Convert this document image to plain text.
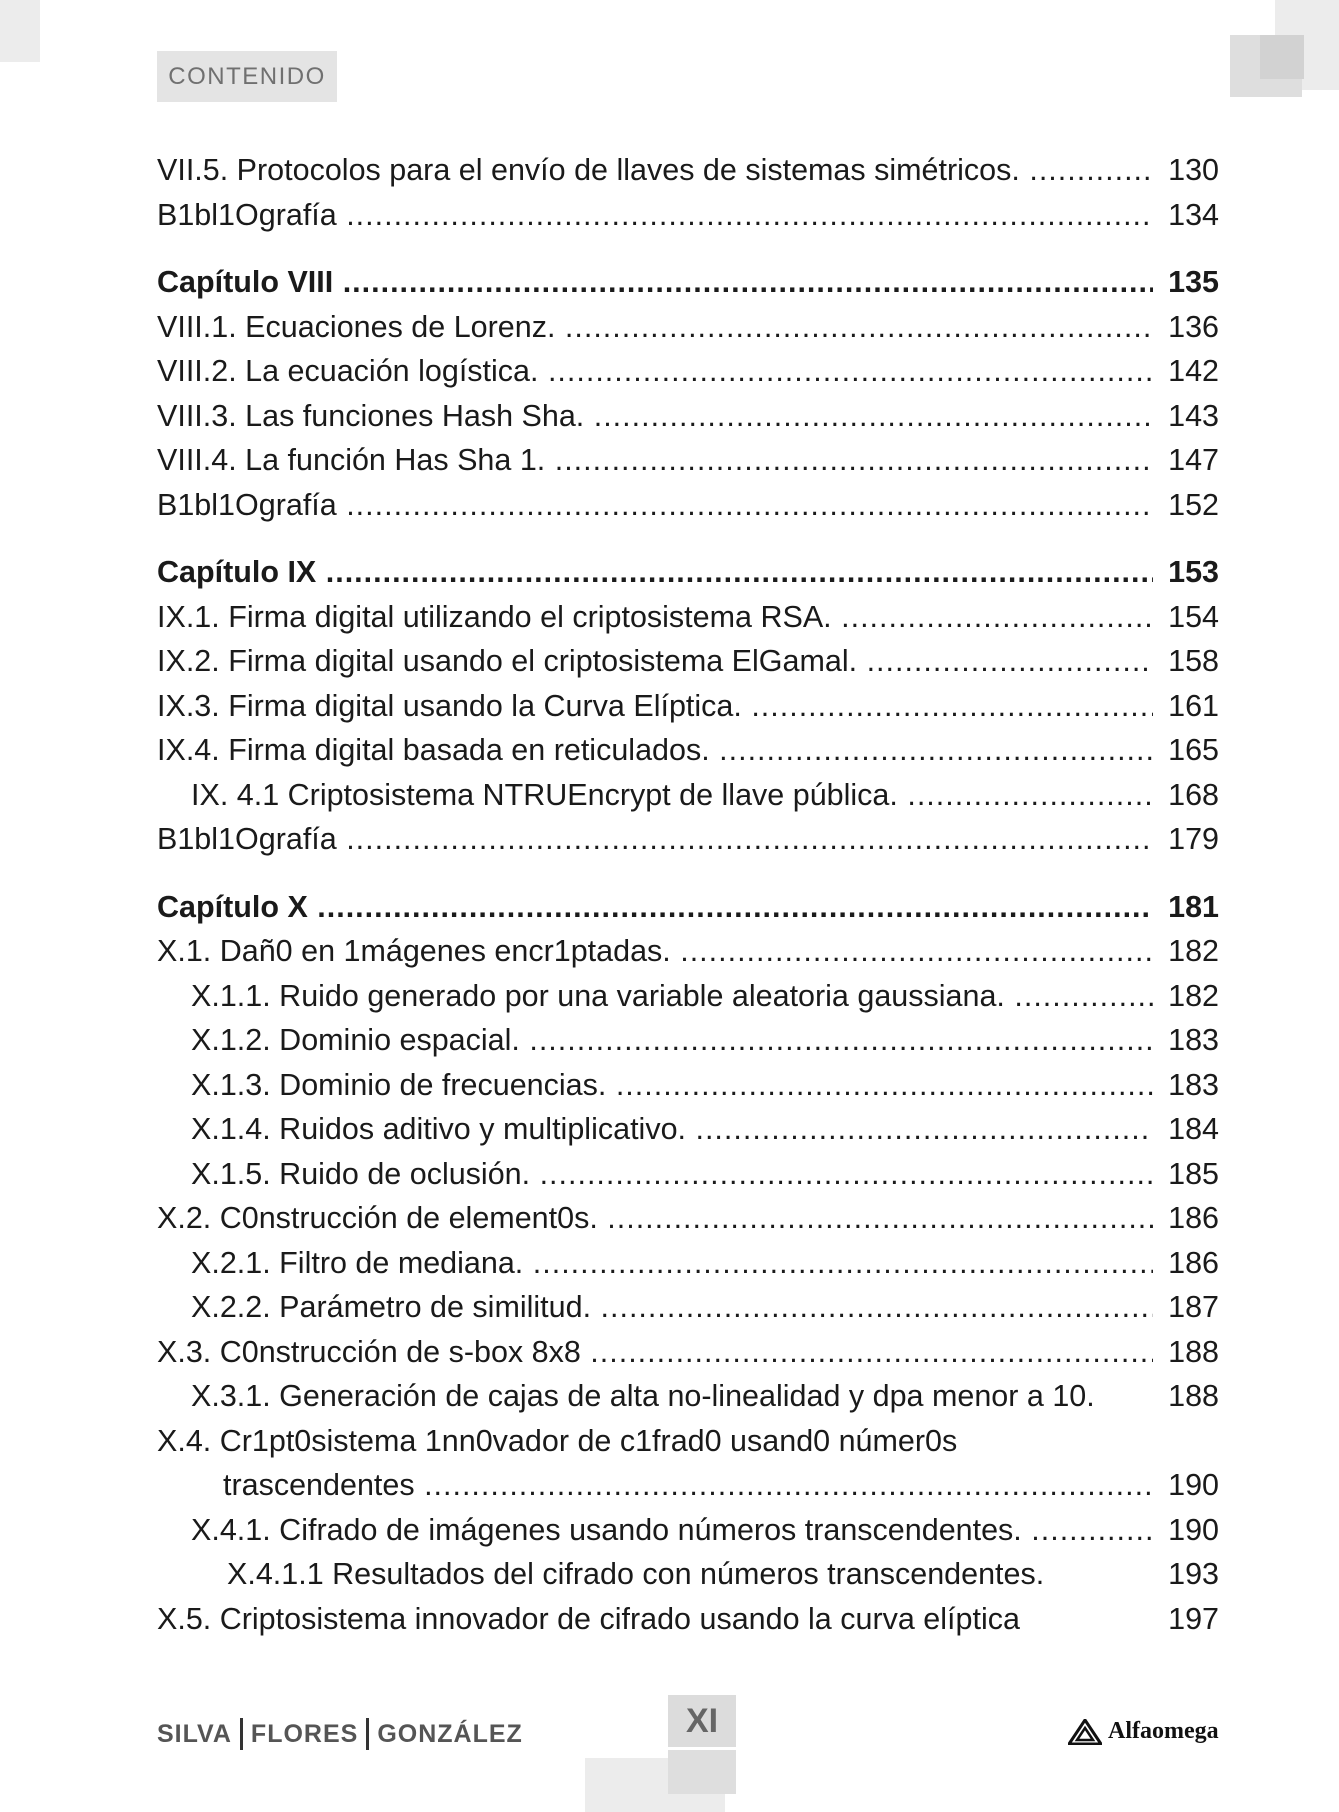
CONTENIDO
VII.5. Protocolos para el envío de llaves de sistemas simétricos. .....	130
B1bl1Ografía .....	134
Capítulo VIII .....	135
VIII.1. Ecuaciones de Lorenz. .....	136
VIII.2. La ecuación logística. .....	142
VIII.3. Las funciones Hash Sha. .....	143
VIII.4. La función Has Sha 1. .....	147
B1bl1Ografía .....	152
Capítulo IX .....	153
IX.1. Firma digital utilizando el criptosistema RSA. .....	154
IX.2. Firma digital usando el criptosistema ElGamal. .....	158
IX.3. Firma digital usando la Curva Elíptica. .....	161
IX.4. Firma digital basada en reticulados. .....	165
IX. 4.1 Criptosistema NTRUEncrypt de llave pública. .....	168
B1bl1Ografía .....	179
Capítulo X .....	181
X.1. Dañ0 en 1mágenes encr1ptadas. .....	182
X.1.1. Ruido generado por una variable aleatoria gaussiana. .....	182
X.1.2. Dominio espacial. .....	183
X.1.3. Dominio de frecuencias. .....	183
X.1.4. Ruidos aditivo y multiplicativo. .....	184
X.1.5. Ruido de oclusión. .....	185
X.2. C0nstrucción de element0s. .....	186
X.2.1. Filtro de mediana. .....	186
X.2.2. Parámetro de similitud. .....	187
X.3. C0nstrucción de s-box 8x8 .....	188
X.3.1. Generación de cajas de alta no-linealidad y dpa menor a 10.	188
X.4. Cr1pt0sistema 1nn0vador de c1frad0 usand0 númer0s
trascendentes .....	190
X.4.1. Cifrado de imágenes usando números transcendentes. .....	190
X.4.1.1 Resultados del cifrado con números transcendentes.	193
X.5. Criptosistema innovador de cifrado usando la curva elíptica	197
SILVA FLORES GONZÁLEZ	XI	Alfaomega
